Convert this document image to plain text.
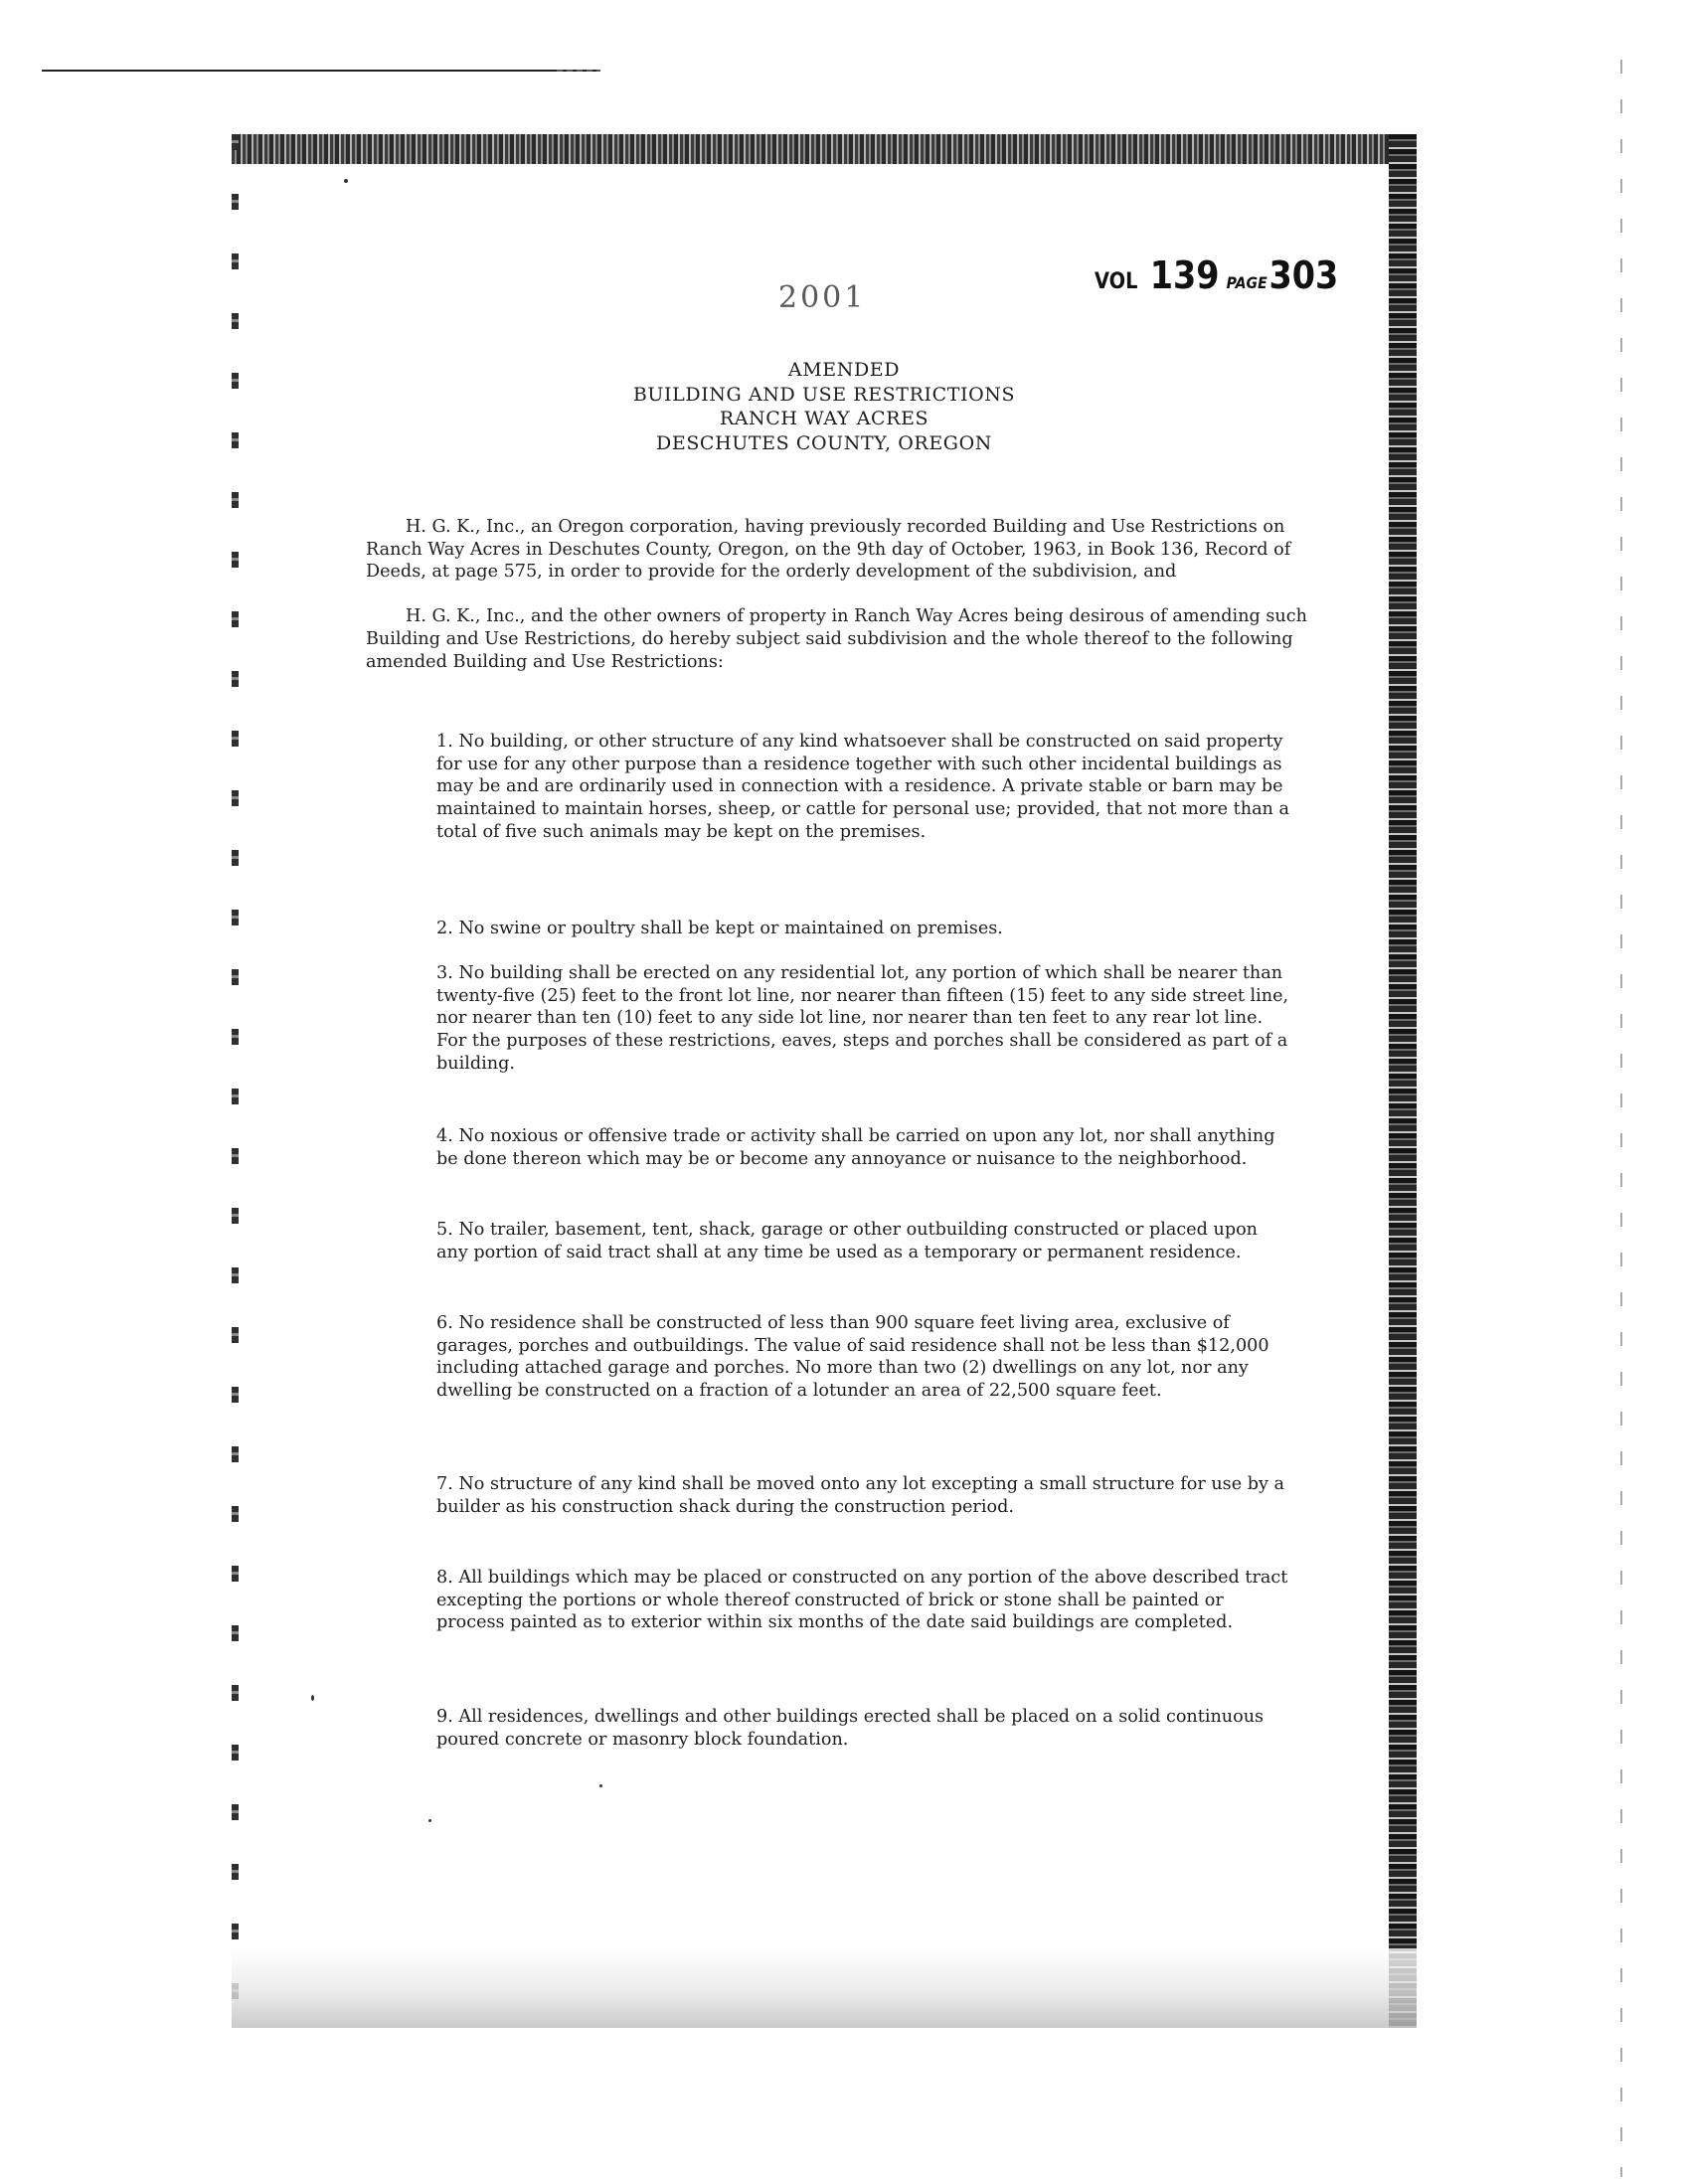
2001	VOL 139 PAGE 303
AMENDED
BUILDING AND USE RESTRICTIONS
RANCH WAY ACRES
DESCHUTES COUNTY, OREGON

H. G. K., Inc., an Oregon corporation, having previously recorded Building and Use Restrictions on Ranch Way Acres in Deschutes County, Oregon, on the 9th day of October, 1963, in Book 136, Record of Deeds, at page 575, in order to provide for the orderly development of the subdivision, and

H. G. K., Inc., and the other owners of property in Ranch Way Acres being desirous of amending such Building and Use Restrictions, do hereby subject said subdivision and the whole thereof to the following amended Building and Use Restrictions:

1. No building, or other structure of any kind whatsoever shall be constructed on said property for use for any other purpose than a residence together with such other incidental buildings as may be and are ordinarily used in connection with a residence. A private stable or barn may be maintained to maintain horses, sheep, or cattle for personal use; provided, that not more than a total of five such animals may be kept on the premises.

2. No swine or poultry shall be kept or maintained on premises.

3. No building shall be erected on any residential lot, any portion of which shall be nearer than twenty-five (25) feet to the front lot line, nor nearer than fifteen (15) feet to any side street line, nor nearer than ten (10) feet to any side lot line, nor nearer than ten feet to any rear lot line. For the purposes of these restrictions, eaves, steps and porches shall be considered as part of a building.

4. No noxious or offensive trade or activity shall be carried on upon any lot, nor shall anything be done thereon which may be or become any annoyance or nuisance to the neighborhood.

5. No trailer, basement, tent, shack, garage or other outbuilding constructed or placed upon any portion of said tract shall at any time be used as a temporary or permanent residence.

6. No residence shall be constructed of less than 900 square feet living area, exclusive of garages, porches and outbuildings. The value of said residence shall not be less than $12,000 including attached garage and porches. No more than two (2) dwellings on any lot, nor any dwelling be constructed on a fraction of a lotunder an area of 22,500 square feet.

7. No structure of any kind shall be moved onto any lot excepting a small structure for use by a builder as his construction shack during the construction period.

8. All buildings which may be placed or constructed on any portion of the above described tract excepting the portions or whole thereof constructed of brick or stone shall be painted or process painted as to exterior within six months of the date said buildings are completed.

9. All residences, dwellings and other buildings erected shall be placed on a solid continuous poured concrete or masonry block foundation.
